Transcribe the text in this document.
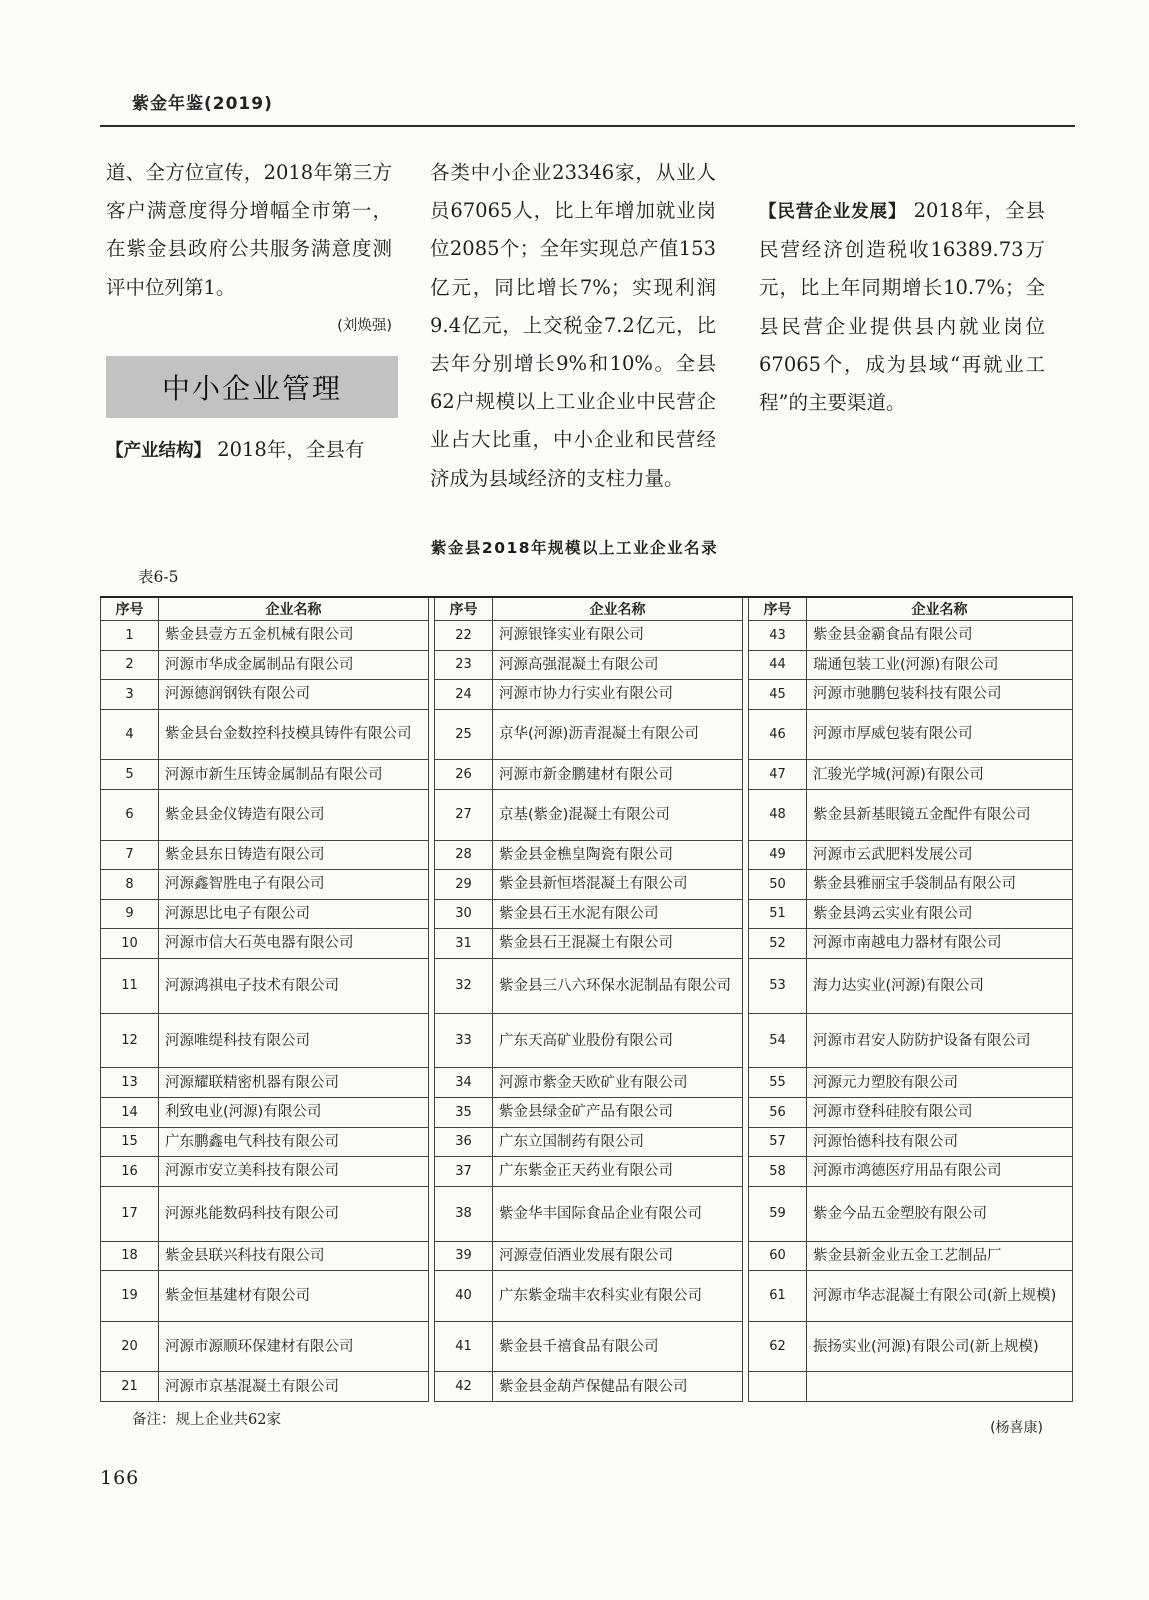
紫金年鉴(2019)

道、全方位宣传，2018年第三方客户满意度得分增幅全市第一，在紫金县政府公共服务满意度测评中位列第1。

(刘焕强)
中小企业管理
【产业结构】 2018年，全县有

各类中小企业23346家，从业人员67065人，比上年增加就业岗位2085个；全年实现总产值153亿元，同比增长7%；实现利润9.4亿元，上交税金7.2亿元，比去年分别增长9%和10%。全县62户规模以上工业企业中民营企业占大比重，中小企业和民营经济成为县域经济的支柱力量。

【民营企业发展】 2018年，全县民营经济创造税收16389.73万元，比上年同期增长10.7%；全县民营企业提供县内就业岗位67065个，成为县域“再就业工程”的主要渠道。

紫金县2018年规模以上工业企业名录
表6-5
序号	企业名称		序号	企业名称		序号	企业名称
1	紫金县壹方五金机械有限公司		22	河源银锋实业有限公司		43	紫金县金霸食品有限公司
2	河源市华成金属制品有限公司		23	河源高强混凝土有限公司		44	瑞通包装工业(河源)有限公司
3	河源德润钢铁有限公司		24	河源市协力行实业有限公司		45	河源市驰鹏包装科技有限公司
4	紫金县台金数控科技模具铸件有限公司		25	京华(河源)沥青混凝土有限公司		46	河源市厚威包装有限公司
5	河源市新生压铸金属制品有限公司		26	河源市新金鹏建材有限公司		47	汇骏光学城(河源)有限公司
6	紫金县金仪铸造有限公司		27	京基(紫金)混凝土有限公司		48	紫金县新基眼镜五金配件有限公司
7	紫金县东日铸造有限公司		28	紫金县金樵皇陶瓷有限公司		49	河源市云武肥料发展公司
8	河源鑫智胜电子有限公司		29	紫金县新恒塔混凝土有限公司		50	紫金县雅丽宝手袋制品有限公司
9	河源思比电子有限公司		30	紫金县石王水泥有限公司		51	紫金县鸿云实业有限公司
10	河源市信大石英电器有限公司		31	紫金县石王混凝土有限公司		52	河源市南越电力器材有限公司
11	河源鸿祺电子技术有限公司		32	紫金县三八六环保水泥制品有限公司		53	海力达实业(河源)有限公司
12	河源唯缇科技有限公司		33	广东天高矿业股份有限公司		54	河源市君安人防防护设备有限公司
13	河源耀联精密机器有限公司		34	河源市紫金天欧矿业有限公司		55	河源元力塑胶有限公司
14	利致电业(河源)有限公司		35	紫金县绿金矿产品有限公司		56	河源市登科硅胶有限公司
15	广东鹏鑫电气科技有限公司		36	广东立国制药有限公司		57	河源怡德科技有限公司
16	河源市安立美科技有限公司		37	广东紫金正天药业有限公司		58	河源市鸿德医疗用品有限公司
17	河源兆能数码科技有限公司		38	紫金华丰国际食品企业有限公司		59	紫金今品五金塑胶有限公司
18	紫金县联兴科技有限公司		39	河源壹佰酒业发展有限公司		60	紫金县新金业五金工艺制品厂
19	紫金恒基建材有限公司		40	广东紫金瑞丰农科实业有限公司		61	河源市华志混凝土有限公司(新上规模)
20	河源市源顺环保建材有限公司		41	紫金县千禧食品有限公司		62	振扬实业(河源)有限公司(新上规模)
21	河源市京基混凝土有限公司		42	紫金县金葫芦保健品有限公司			
备注：规上企业共62家	(杨喜康)
166
